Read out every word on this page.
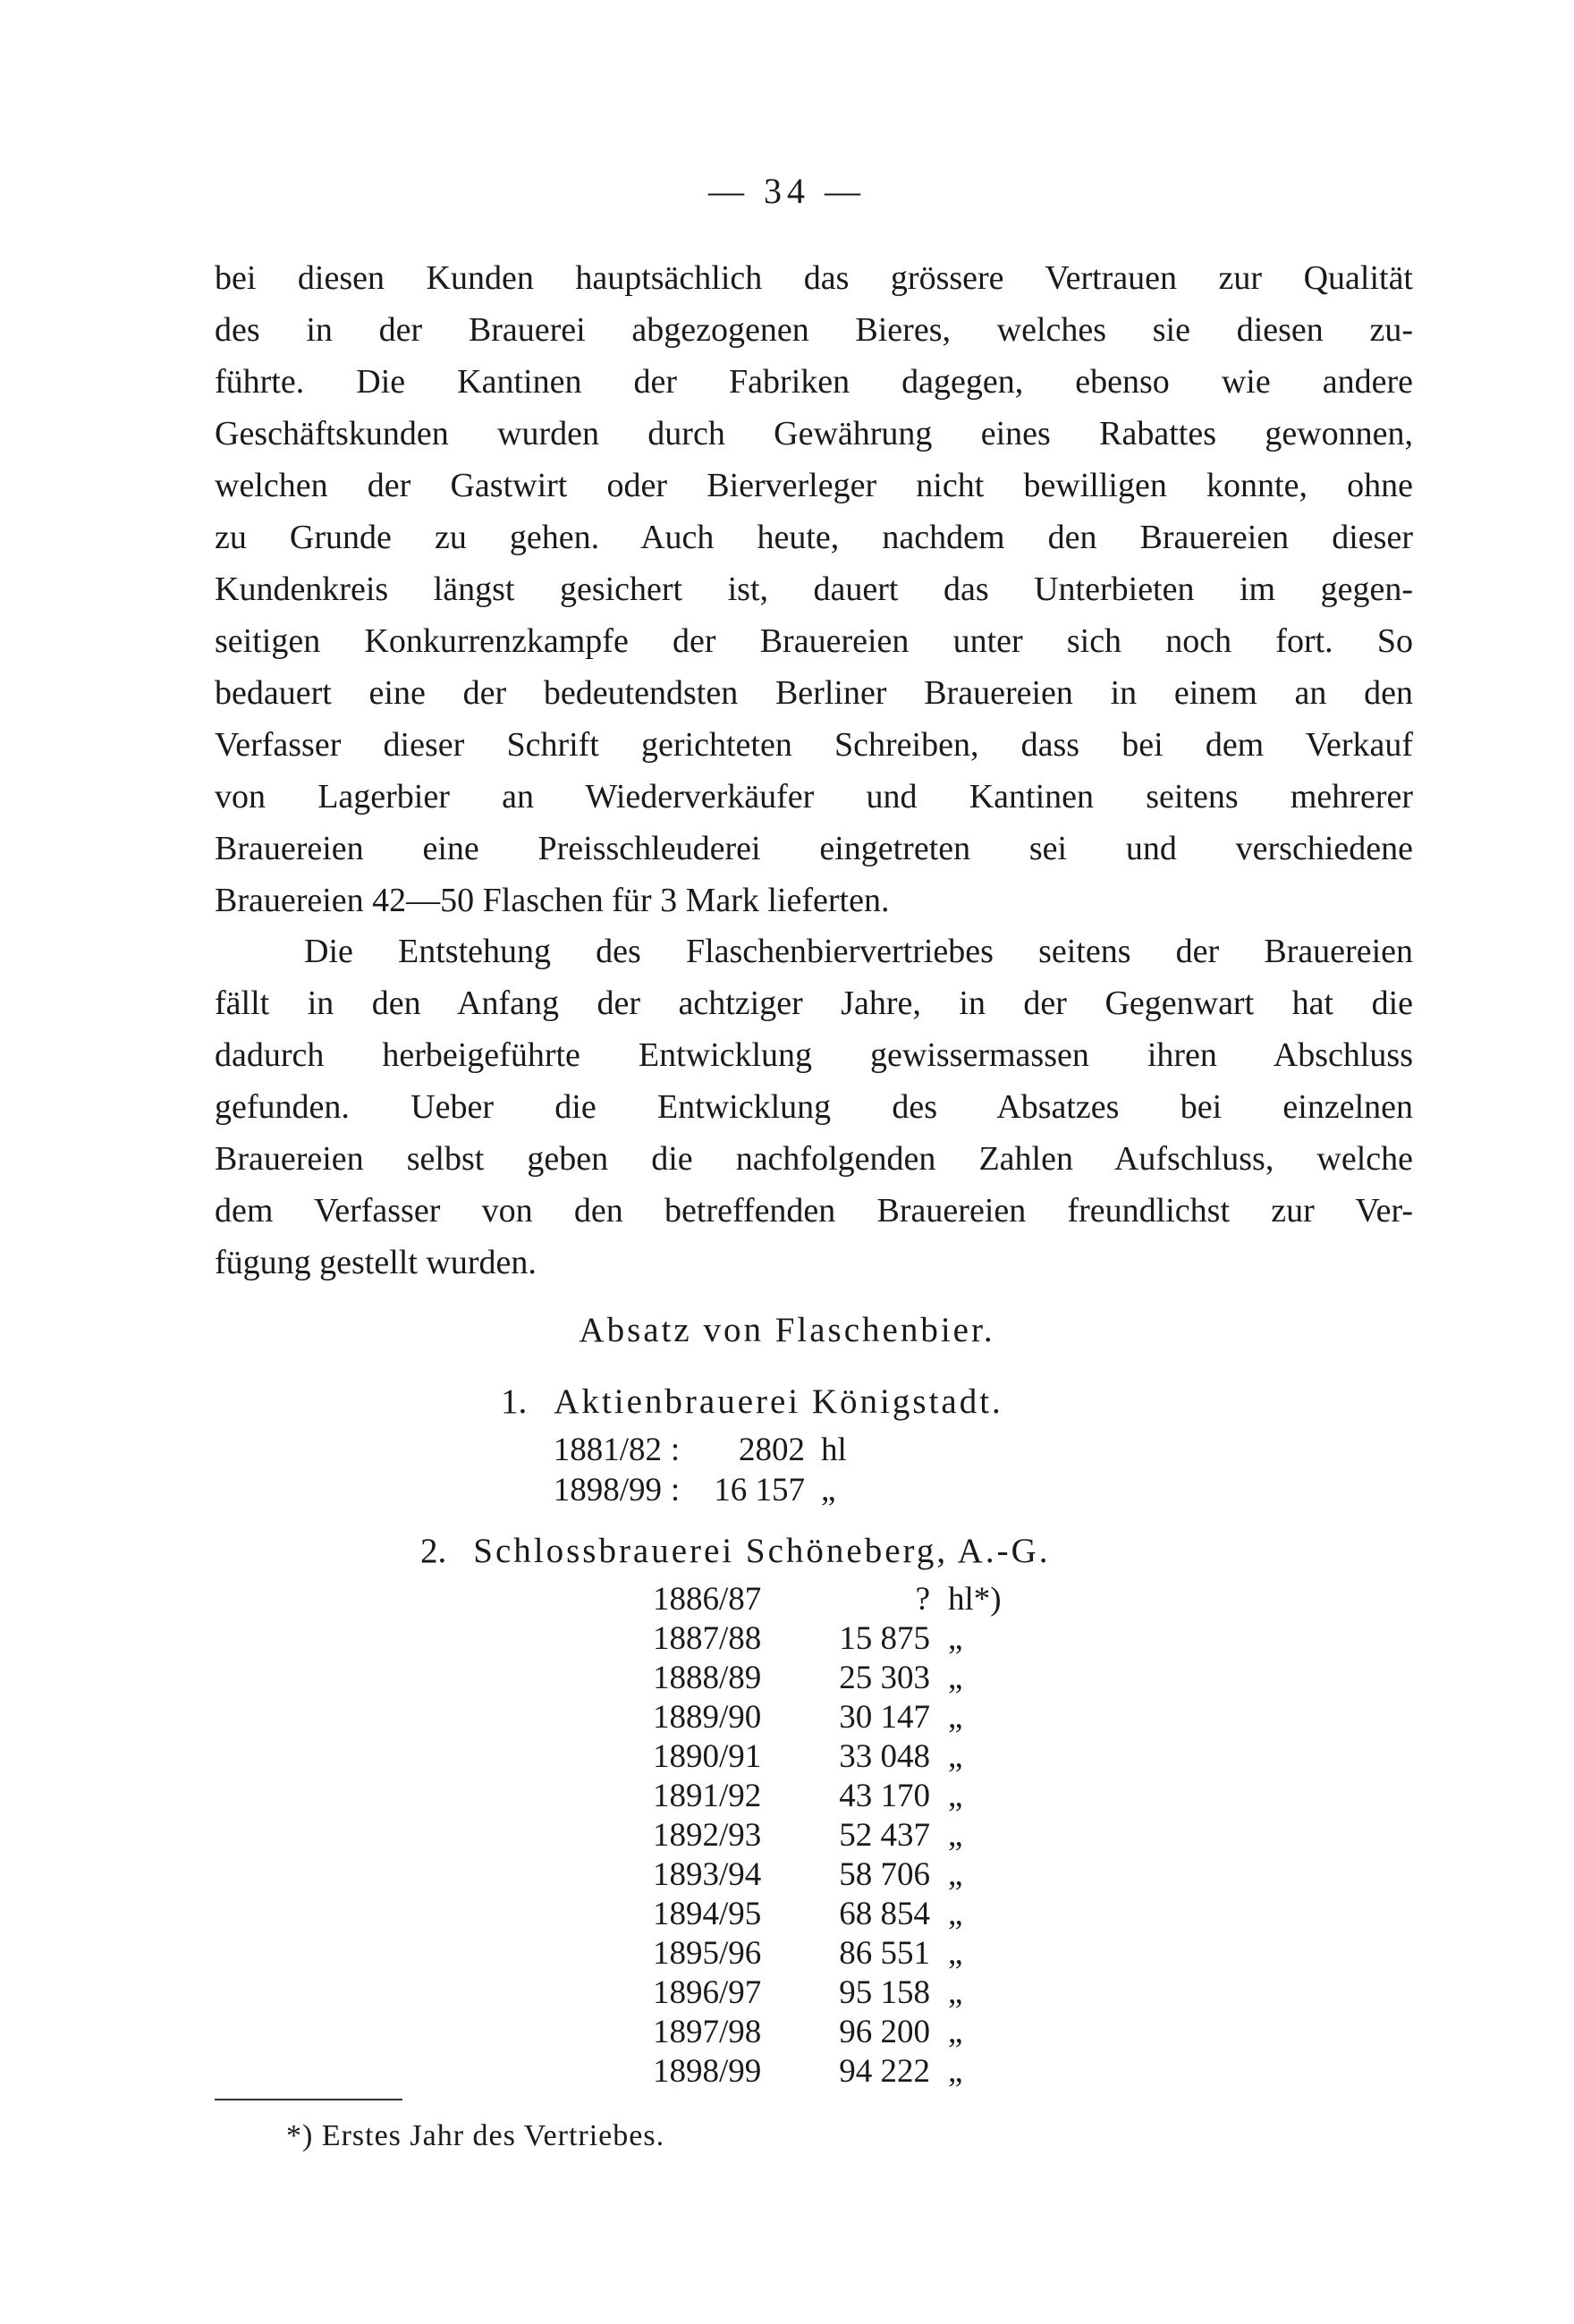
— 34 —
bei diesen Kunden hauptsächlich das grössere Vertrauen zur Qualität
des in der Brauerei abgezogenen Bieres, welches sie diesen zu-
führte. Die Kantinen der Fabriken dagegen, ebenso wie andere
Geschäftskunden wurden durch Gewährung eines Rabattes gewonnen,
welchen der Gastwirt oder Bierverleger nicht bewilligen konnte, ohne
zu Grunde zu gehen. Auch heute, nachdem den Brauereien dieser
Kundenkreis längst gesichert ist, dauert das Unterbieten im gegen-
seitigen Konkurrenzkampfe der Brauereien unter sich noch fort. So
bedauert eine der bedeutendsten Berliner Brauereien in einem an den
Verfasser dieser Schrift gerichteten Schreiben, dass bei dem Verkauf
von Lagerbier an Wiederverkäufer und Kantinen seitens mehrerer
Brauereien eine Preisschleuderei eingetreten sei und verschiedene
Brauereien 42—50 Flaschen für 3 Mark lieferten.
Die Entstehung des Flaschenbiervertriebes seitens der Brauereien
fällt in den Anfang der achtziger Jahre, in der Gegenwart hat die
dadurch herbeigeführte Entwicklung gewissermassen ihren Abschluss
gefunden. Ueber die Entwicklung des Absatzes bei einzelnen
Brauereien selbst geben die nachfolgenden Zahlen Aufschluss, welche
dem Verfasser von den betreffenden Brauereien freundlichst zur Ver-
fügung gestellt wurden.
Absatz von Flaschenbier.
1. Aktienbrauerei Königstadt.
1881/82 : 2802 hl
1898/99 : 16 157 „
2. Schlossbrauerei Schöneberg, A.-G.
1886/87	? hl*)
1887/88 15 875 „
1888/89 25 303 „
1889/90 30 147 „
1890/91 33 048 „
1891/92 43 170 „
1892/93 52 437 „
1893/94 58 706 „
1894/95 68 854 „
1895/96 86 551 „
1896/97 95 158 „
1897/98 96 200 „
1898/99 94 222 „
*) Erstes Jahr des Vertriebes.
